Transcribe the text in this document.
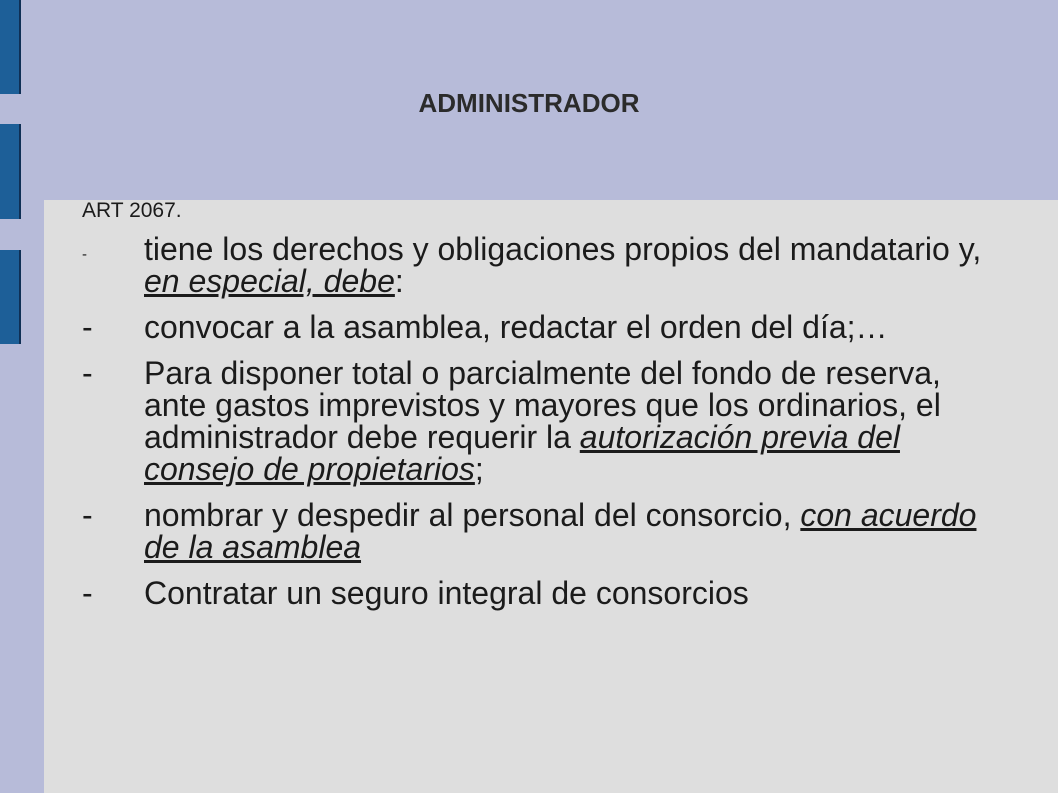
ADMINISTRADOR
ART 2067.
-	tiene los derechos y obligaciones propios del mandatario y, en especial, debe:
-	convocar a la asamblea, redactar el orden del día;…
-	Para disponer total o parcialmente del fondo de reserva, ante gastos imprevistos y mayores que los ordinarios, el administrador debe requerir la autorización previa del consejo de propietarios;
-	nombrar y despedir al personal del consorcio, con acuerdo de la asamblea
-	Contratar un seguro integral de consorcios
